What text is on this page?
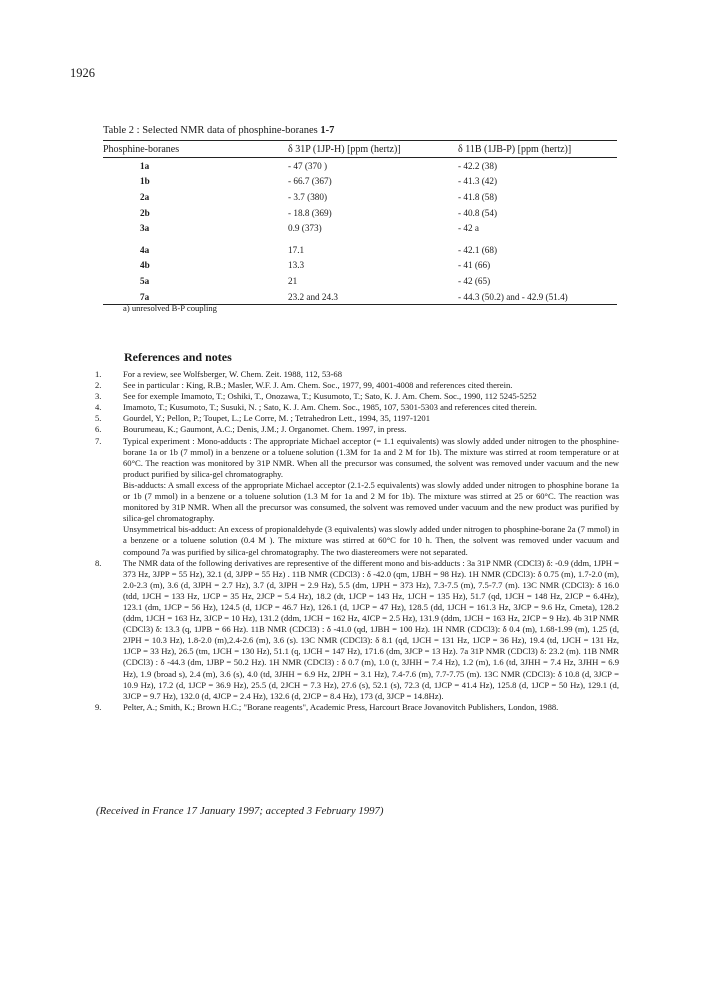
1926
Table 2 : Selected NMR data of phosphine-boranes 1-7
Phosphine-boranes	δ 31P (1JP-H) [ppm (hertz)]	δ 11B (1JB-P) [ppm (hertz)]
1a	- 47 (370 )	- 42.2 (38)
1b	- 66.7 (367)	- 41.3 (42)
2a	- 3.7 (380)	- 41.8 (58)
2b	- 18.8 (369)	- 40.8 (54)
3a	0.9 (373)	- 42 a

4a	17.1	- 42.1 (68)
4b	13.3	- 41 (66)
5a	21	- 42 (65)
7a	23.2 and 24.3	- 44.3 (50.2) and - 42.9 (51.4)
a) unresolved B-P coupling
References and notes
1.	For a review, see Wolfsberger, W. Chem. Zeit. 1988, 112, 53-68
2.	See in particular : King, R.B.; Masler, W.F. J. Am. Chem. Soc., 1977, 99, 4001-4008 and references cited therein.
3.	See for exemple Imamoto, T.; Oshiki, T., Onozawa, T.; Kusumoto, T.; Sato, K. J. Am. Chem. Soc., 1990, 112 5245-5252
4.	Imamoto, T.; Kusumoto, T.; Susuki, N. ; Sato, K. J. Am. Chem. Soc., 1985, 107, 5301-5303 and references cited therein.
5.	Gourdel, Y.; Pellon, P.; Toupet, L.; Le Corre, M. ; Tetrahedron Lett., 1994, 35, 1197-1201
6.	Bourumeau, K.; Gaumont, A.C.; Denis, J.M.; J. Organomet. Chem. 1997, in press.
7.	Typical experiment : Mono-adducts : The appropriate Michael acceptor (= 1.1 equivalents) was slowly added under nitrogen to the phosphine-borane 1a or 1b (7 mmol) in a benzene or a toluene solution (1.3M for 1a and 2 M for 1b). The mixture was stirred at room temperature or at 60°C. The reaction was monitored by 31P NMR. When all the precursor was consumed, the solvent was removed under vacuum and the new product purified by silica-gel chromatography.
Bis-adducts: A small excess of the appropriate Michael acceptor (2.1-2.5 equivalents) was slowly added under nitrogen to phosphine borane 1a or 1b (7 mmol) in a benzene or a toluene solution (1.3 M for 1a and 2 M for 1b). The mixture was stirred at 25 or 60°C. The reaction was monitored by 31P NMR. When all the precursor was consumed, the solvent was removed under vacuum and the new product was purified by silica-gel chromatography.
Unsymmetrical bis-adduct: An excess of propionaldehyde (3 equivalents) was slowly added under nitrogen to phosphine-borane 2a (7 mmol) in a benzene or a toluene solution (0.4 M ). The mixture was stirred at 60°C for 10 h. Then, the solvent was removed under vacuum and compound 7a was purified by silica-gel chromatography. The two diastereomers were not separated.
8.	The NMR data of the following derivatives are representive of the different mono and bis-adducts : 3a 31P NMR (CDCl3) δ: -0.9 (ddm, 1JPH = 373 Hz, 3JPP = 55 Hz), 32.1 (d, 3JPP = 55 Hz) . 11B NMR (CDCl3) : δ -42.0 (qm, 1JBH = 98 Hz). 1H NMR (CDCl3): δ 0.75 (m), 1.7-2.0 (m), 2.0-2.3 (m), 3.6 (d, 3JPH = 2.7 Hz), 3.7 (d, 3JPH = 2.9 Hz), 5.5 (dm, 1JPH = 373 Hz), 7.3-7.5 (m), 7.5-7.7 (m). 13C NMR (CDCl3): δ 16.0 (tdd, 1JCH = 133 Hz, 1JCP = 35 Hz, 2JCP = 5.4 Hz), 18.2 (dt, 1JCP = 143 Hz, 1JCH = 135 Hz), 51.7 (qd, 1JCH = 148 Hz, 2JCP = 6.4Hz), 123.1 (dm, 1JCP = 56 Hz), 124.5 (d, 1JCP = 46.7 Hz), 126.1 (d, 1JCP = 47 Hz), 128.5 (dd, 1JCH = 161.3 Hz, 3JCP = 9.6 Hz, Cmeta), 128.2 (ddm, 1JCH = 163 Hz, 3JCP = 10 Hz), 131.2 (ddm, 1JCH = 162 Hz, 4JCP = 2.5 Hz), 131.9 (ddm, 1JCH = 163 Hz, 2JCP = 9 Hz). 4b 31P NMR (CDCl3) δ: 13.3 (q, 1JPB = 66 Hz). 11B NMR (CDCl3) : δ -41.0 (qd, 1JBH = 100 Hz). 1H NMR (CDCl3): δ 0.4 (m), 1.68-1.99 (m), 1.25 (d, 2JPH = 10.3 Hz), 1.8-2.0 (m),2.4-2.6 (m), 3.6 (s). 13C NMR (CDCl3): δ 8.1 (qd, 1JCH = 131 Hz, 1JCP = 36 Hz), 19.4 (td, 1JCH = 131 Hz, 1JCP = 33 Hz), 26.5 (tm, 1JCH = 130 Hz), 51.1 (q, 1JCH = 147 Hz), 171.6 (dm, 3JCP = 13 Hz). 7a 31P NMR (CDCl3) δ: 23.2 (m). 11B NMR (CDCl3) : δ -44.3 (dm, 1JBP = 50.2 Hz). 1H NMR (CDCl3) : δ 0.7 (m), 1.0 (t, 3JHH = 7.4 Hz), 1.2 (m), 1.6 (td, 3JHH = 7.4 Hz, 3JHH = 6.9 Hz), 1.9 (broad s), 2.4 (m), 3.6 (s), 4.0 (td, 3JHH = 6.9 Hz, 2JPH = 3.1 Hz), 7.4-7.6 (m), 7.7-7.75 (m). 13C NMR (CDCl3): δ 10.8 (d, 3JCP = 10.9 Hz), 17.2 (d, 1JCP = 36.9 Hz), 25.5 (d, 2JCH = 7.3 Hz), 27.6 (s), 52.1 (s), 72.3 (d, 1JCP = 41.4 Hz), 125.8 (d, 1JCP = 50 Hz), 129.1 (d, 3JCP = 9.7 Hz), 132.0 (d, 4JCP = 2.4 Hz), 132.6 (d, 2JCP = 8.4 Hz), 173 (d, 3JCP = 14.8Hz).
9.	Pelter, A.; Smith, K.; Brown H.C.; "Borane reagents", Academic Press, Harcourt Brace Jovanovitch Publishers, London, 1988.
(Received in France 17 January 1997; accepted 3 February 1997)
